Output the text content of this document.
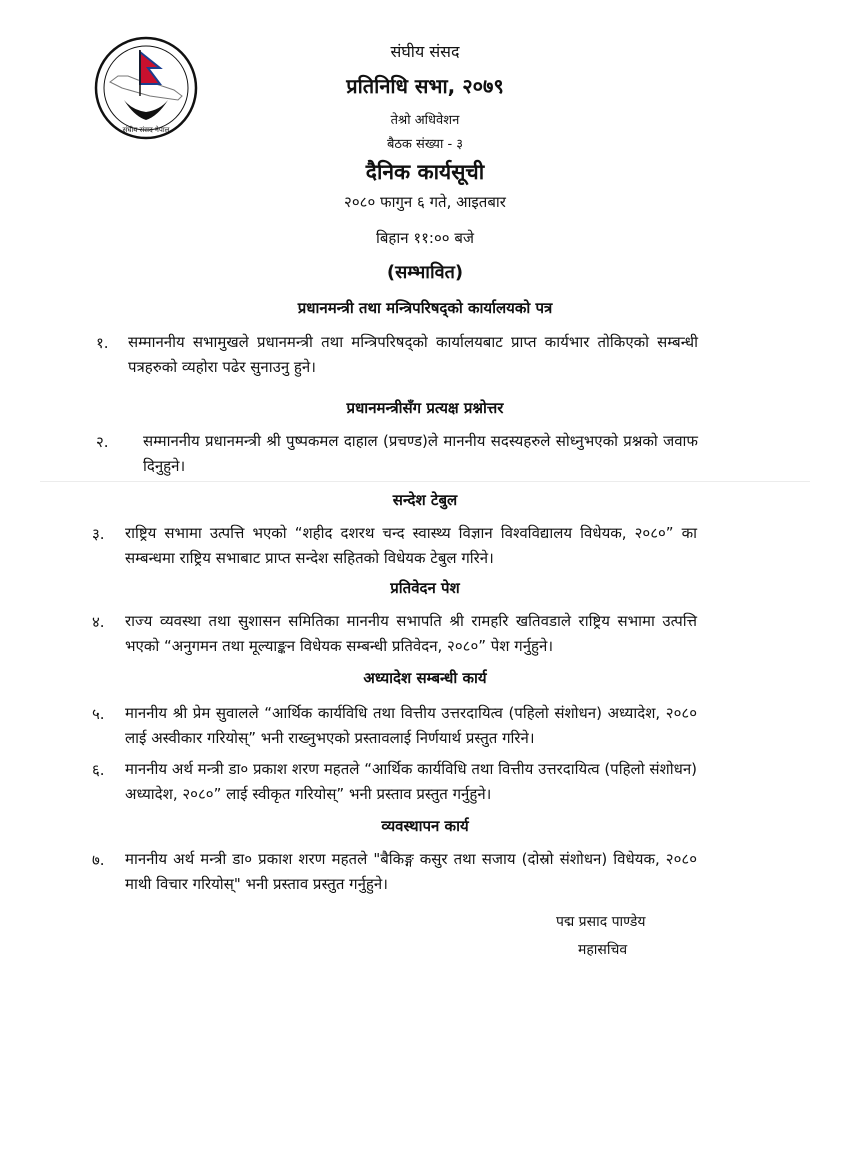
संघीय संसद नेपाल
संघीय संसद
प्रतिनिधि सभा, २०७९
तेश्रो अधिवेशन
बैठक संख्या - ३
दैनिक कार्यसूची
२०८० फागुन ६ गते, आइतबार
बिहान ११:०० बजे
(सम्भावित)
प्रधानमन्त्री तथा मन्त्रिपरिषद्को कार्यालयको पत्र
१. सम्माननीय सभामुखले प्रधानमन्त्री तथा मन्त्रिपरिषद्को कार्यालयबाट प्राप्त कार्यभार तोकिएको सम्बन्धी पत्रहरुको व्यहोरा पढेर सुनाउनु हुने।
प्रधानमन्त्रीसँग प्रत्यक्ष प्रश्नोत्तर
२. सम्माननीय प्रधानमन्त्री श्री पुष्पकमल दाहाल (प्रचण्ड)ले माननीय सदस्यहरुले सोध्नुभएको प्रश्नको जवाफ दिनुहुने।
सन्देश टेबुल
३. राष्ट्रिय सभामा उत्पत्ति भएको “शहीद दशरथ चन्द स्वास्थ्य विज्ञान विश्वविद्यालय विधेयक, २०८०” का सम्बन्धमा राष्ट्रिय सभाबाट प्राप्त सन्देश सहितको विधेयक टेबुल गरिने।
प्रतिवेदन पेश
४. राज्य व्यवस्था तथा सुशासन समितिका माननीय सभापति श्री रामहरि खतिवडाले राष्ट्रिय सभामा उत्पत्ति भएको “अनुगमन तथा मूल्याङ्कन विधेयक सम्बन्धी प्रतिवेदन, २०८०” पेश गर्नुहुने।
अध्यादेश सम्बन्धी कार्य
५. माननीय श्री प्रेम सुवालले “आर्थिक कार्यविधि तथा वित्तीय उत्तरदायित्व (पहिलो संशोधन) अध्यादेश, २०८० लाई अस्वीकार गरियोस्” भनी राख्नुभएको प्रस्तावलाई निर्णयार्थ प्रस्तुत गरिने।
६. माननीय अर्थ मन्त्री डा० प्रकाश शरण महतले “आर्थिक कार्यविधि तथा वित्तीय उत्तरदायित्व (पहिलो संशोधन) अध्यादेश, २०८०” लाई स्वीकृत गरियोस्” भनी प्रस्ताव प्रस्तुत गर्नुहुने।
व्यवस्थापन कार्य
७. माननीय अर्थ मन्त्री डा० प्रकाश शरण महतले "बैकिङ्ग कसुर तथा सजाय (दोस्रो संशोधन) विधेयक, २०८० माथी विचार गरियोस्" भनी प्रस्ताव प्रस्तुत गर्नुहुने।
पद्म प्रसाद पाण्डेय
महासचिव
